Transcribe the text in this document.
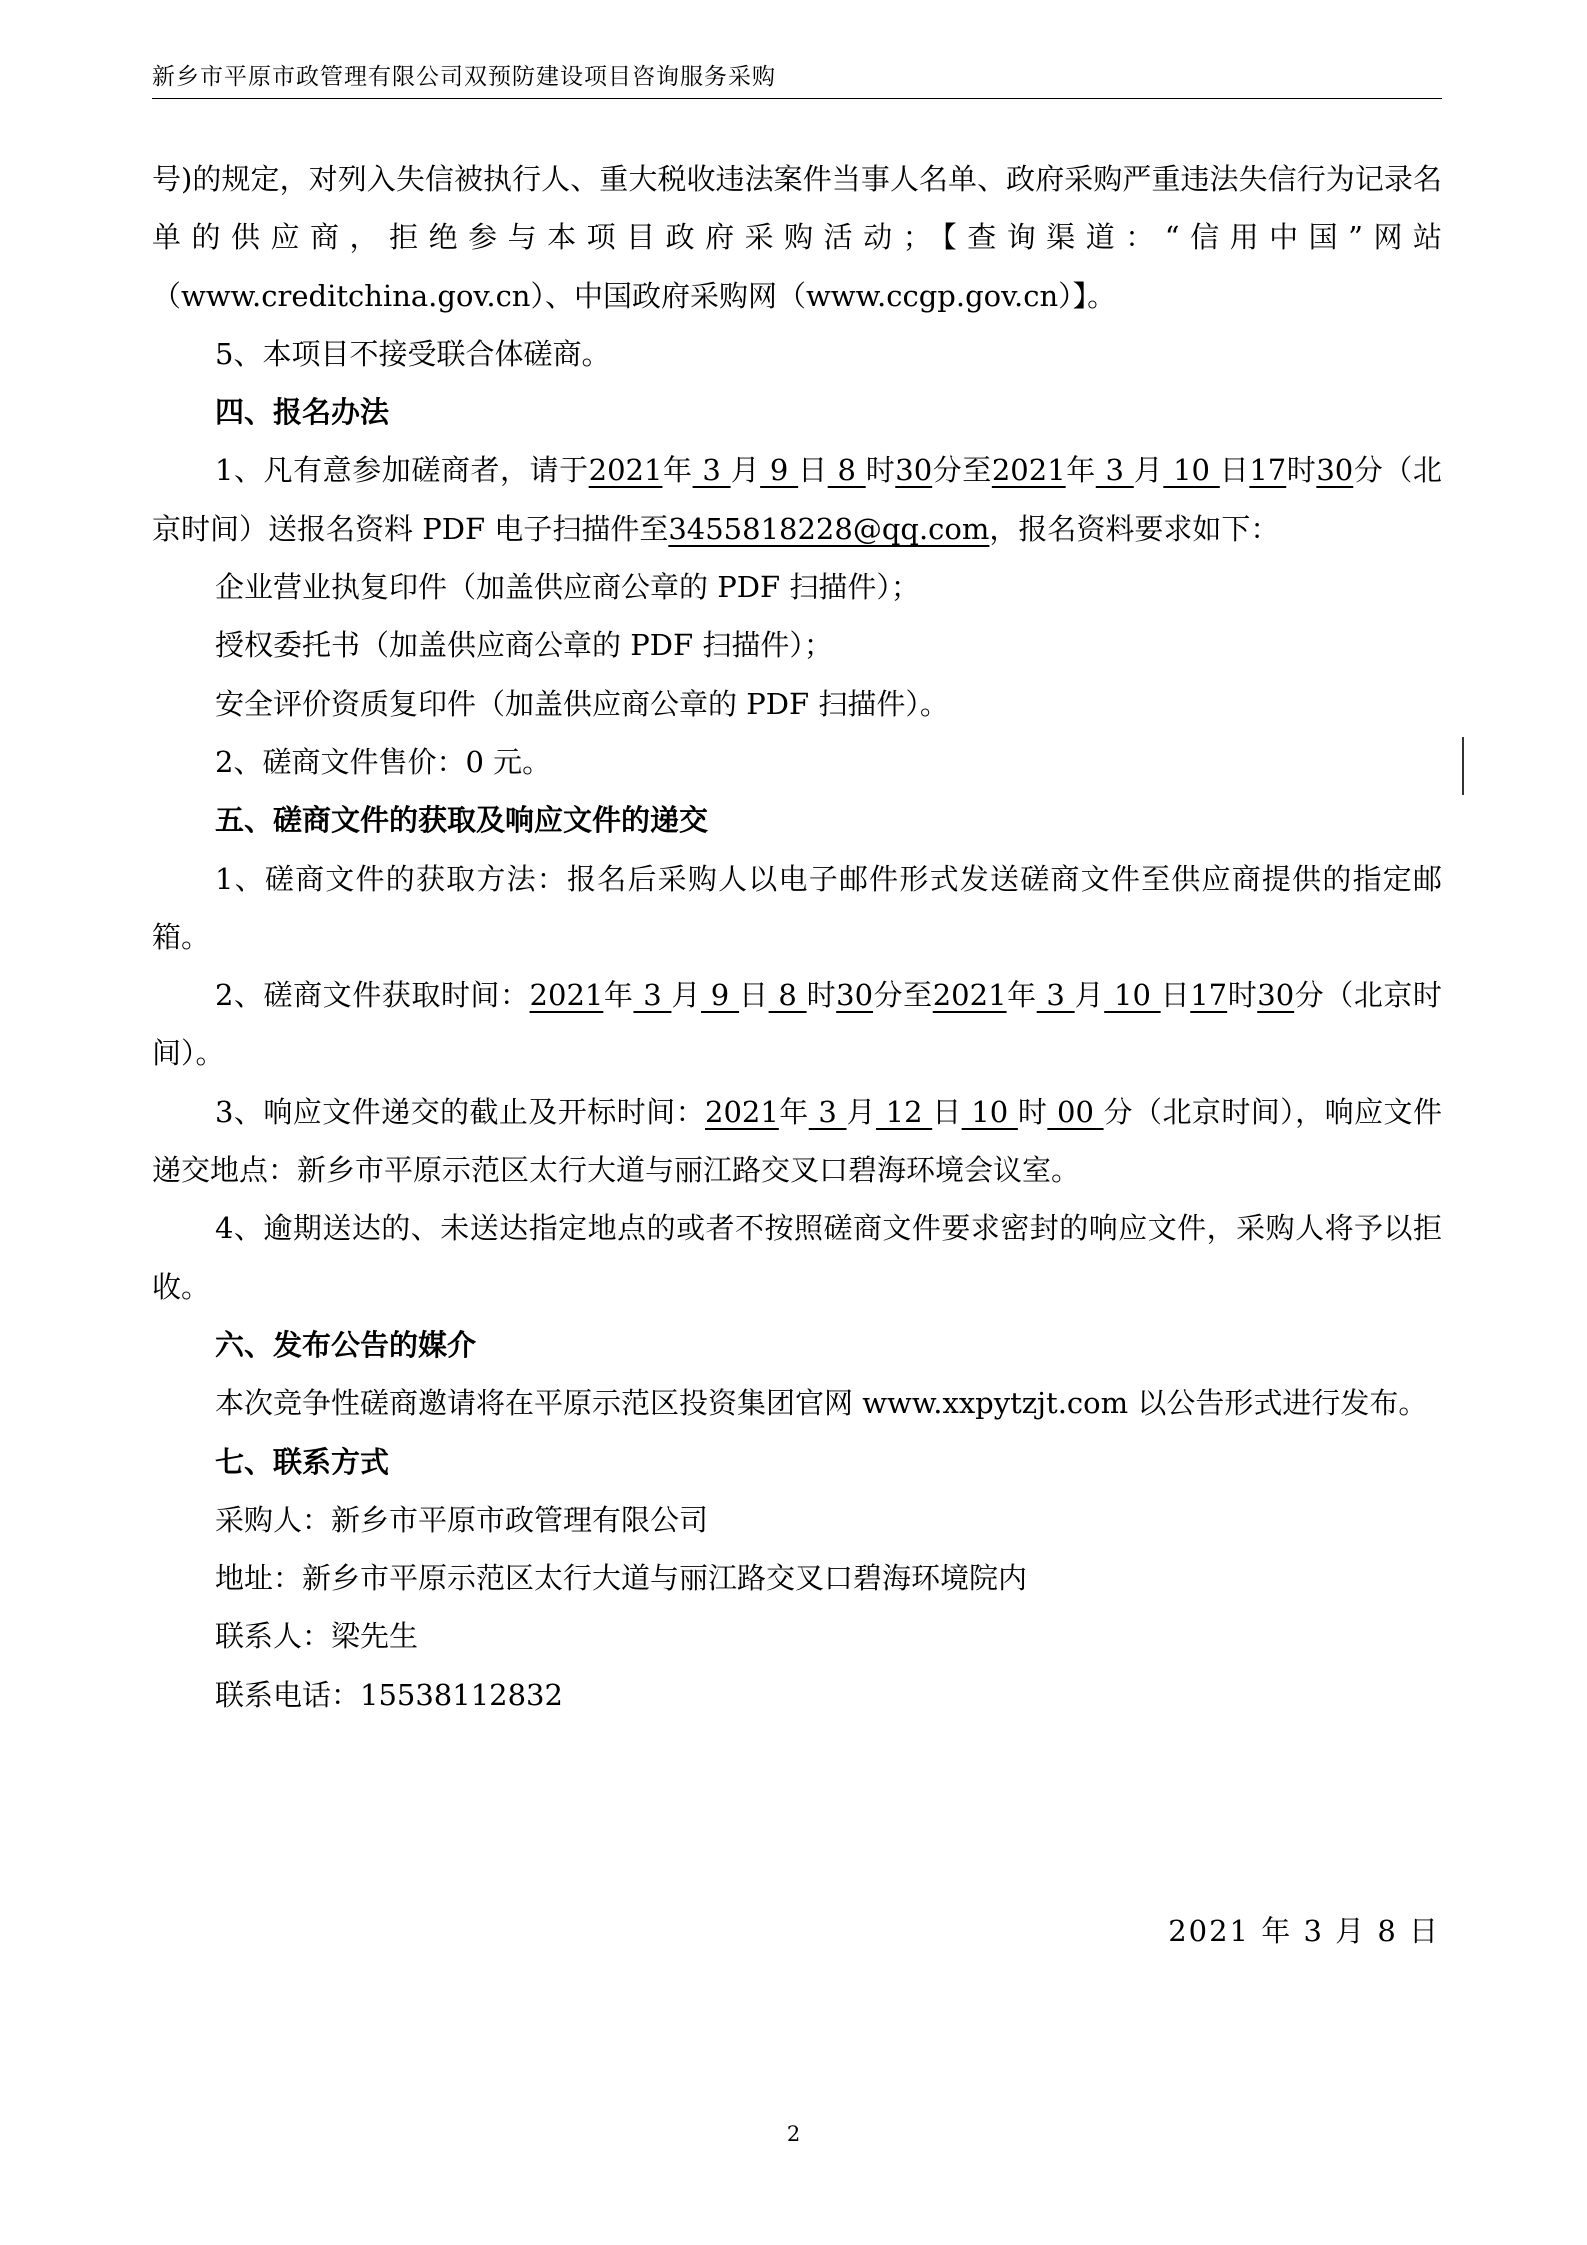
新乡市平原市政管理有限公司双预防建设项目咨询服务采购

号)的规定，对列入失信被执行人、重大税收违法案件当事人名单、政府采购严重违法失信行为记录名单的供应商，拒绝参与本项目政府采购活动；【查询渠道：“信用中国”网站（www.creditchina.gov.cn）、中国政府采购网（www.ccgp.gov.cn）】。

5、本项目不接受联合体磋商。

四、报名办法

1、凡有意参加磋商者，请于2021年 3 月 9 日 8 时30分至2021年 3 月 10 日17时30分（北京时间）送报名资料 PDF 电子扫描件至3455818228@qq.com，报名资料要求如下：

企业营业执复印件（加盖供应商公章的 PDF 扫描件）；

授权委托书（加盖供应商公章的 PDF 扫描件）；

安全评价资质复印件（加盖供应商公章的 PDF 扫描件）。

2、磋商文件售价：0 元。

五、磋商文件的获取及响应文件的递交

1、磋商文件的获取方法：报名后采购人以电子邮件形式发送磋商文件至供应商提供的指定邮箱。

2、磋商文件获取时间：2021年 3 月 9 日 8 时30分至2021年 3 月 10 日17时30分（北京时间）。

3、响应文件递交的截止及开标时间：2021年 3 月 12 日 10 时 00 分（北京时间），响应文件递交地点：新乡市平原示范区太行大道与丽江路交叉口碧海环境会议室。

4、逾期送达的、未送达指定地点的或者不按照磋商文件要求密封的响应文件，采购人将予以拒收。

六、发布公告的媒介

本次竞争性磋商邀请将在平原示范区投资集团官网 www.xxpytzjt.com 以公告形式进行发布。

七、联系方式

采购人：新乡市平原市政管理有限公司

地址：新乡市平原示范区太行大道与丽江路交叉口碧海环境院内

联系人：梁先生

联系电话：15538112832

2021 年 3 月 8 日
2
